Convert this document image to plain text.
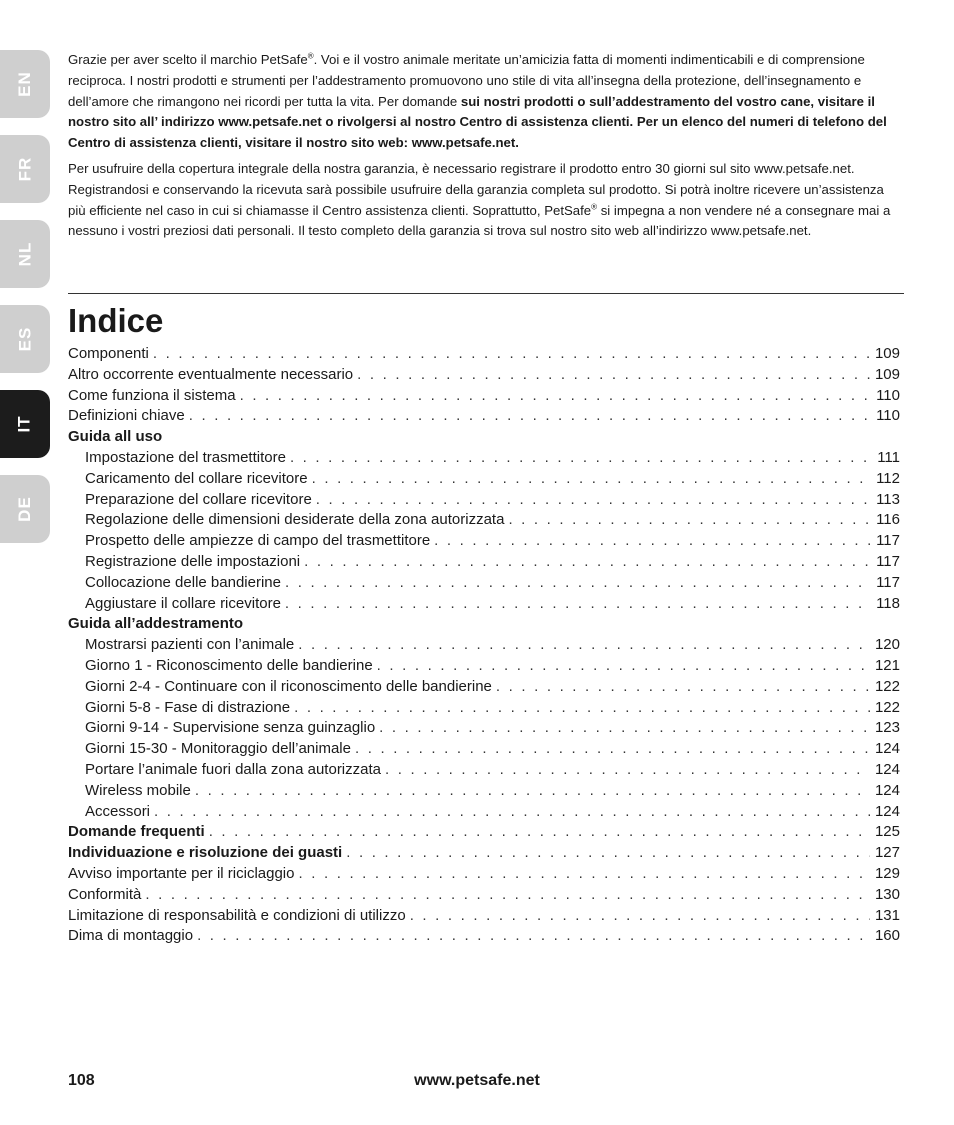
EN
FR
NL
ES
IT
DE

Grazie per aver scelto il marchio PetSafe®. Voi e il vostro animale meritate un’amicizia fatta di momenti indimenticabili e di comprensione reciproca. I nostri prodotti e strumenti per l’addestramento promuovono uno stile di vita all’insegna della protezione, dell’insegnamento e dell’amore che rimangono nei ricordi per tutta la vita. Per domande sui nostri prodotti o sull’addestramento del vostro cane, visitare il nostro sito all’ indirizzo www.petsafe.net o rivolgersi al nostro Centro di assistenza clienti. Per un elenco del numeri di telefono del Centro di assistenza clienti, visitare il nostro sito web: www.petsafe.net.

Per usufruire della copertura integrale della nostra garanzia, è necessario registrare il prodotto entro 30 giorni sul sito www.petsafe.net. Registrandosi e conservando la ricevuta sarà possibile usufruire della garanzia completa sul prodotto. Si potrà inoltre ricevere un’assistenza più efficiente nel caso in cui si chiamasse il Centro assistenza clienti. Soprattutto, PetSafe® si impegna a non vendere né a consegnare mai a nessuno i vostri preziosi dati personali. Il testo completo della garanzia si trova sul nostro sito web all’indirizzo www.petsafe.net.

Indice
Componenti . . .	109
Altro occorrente eventualmente necessario . . .	109
Come funziona il sistema . . .	110
Definizioni chiave . . .	110
Guida all uso
Impostazione del trasmettitore . . .	111
Caricamento del collare ricevitore . . .	112
Preparazione del collare ricevitore . . .	113
Regolazione delle dimensioni desiderate della zona autorizzata . . .	116
Prospetto delle ampiezze di campo del trasmettitore . . .	117
Registrazione delle impostazioni . . .	117
Collocazione delle bandierine . . .	117
Aggiustare il collare ricevitore . . .	118
Guida all’addestramento
Mostrarsi pazienti con l’animale . . .	120
Giorno 1 - Riconoscimento delle bandierine . . .	121
Giorni 2-4 - Continuare con il riconoscimento delle bandierine . . .	122
Giorni 5-8 - Fase di distrazione . . .	122
Giorni 9-14 - Supervisione senza guinzaglio . . .	123
Giorni 15-30 - Monitoraggio dell’animale . . .	124
Portare l’animale fuori dalla zona autorizzata . . .	124
Wireless mobile . . .	124
Accessori . . .	124
Domande frequenti . . .	125
Individuazione e risoluzione dei guasti . . .	127
Avviso importante per il riciclaggio . . .	129
Conformità . . .	130
Limitazione di responsabilità e condizioni di utilizzo . . .	131
Dima di montaggio . . .	160
108	www.petsafe.net
